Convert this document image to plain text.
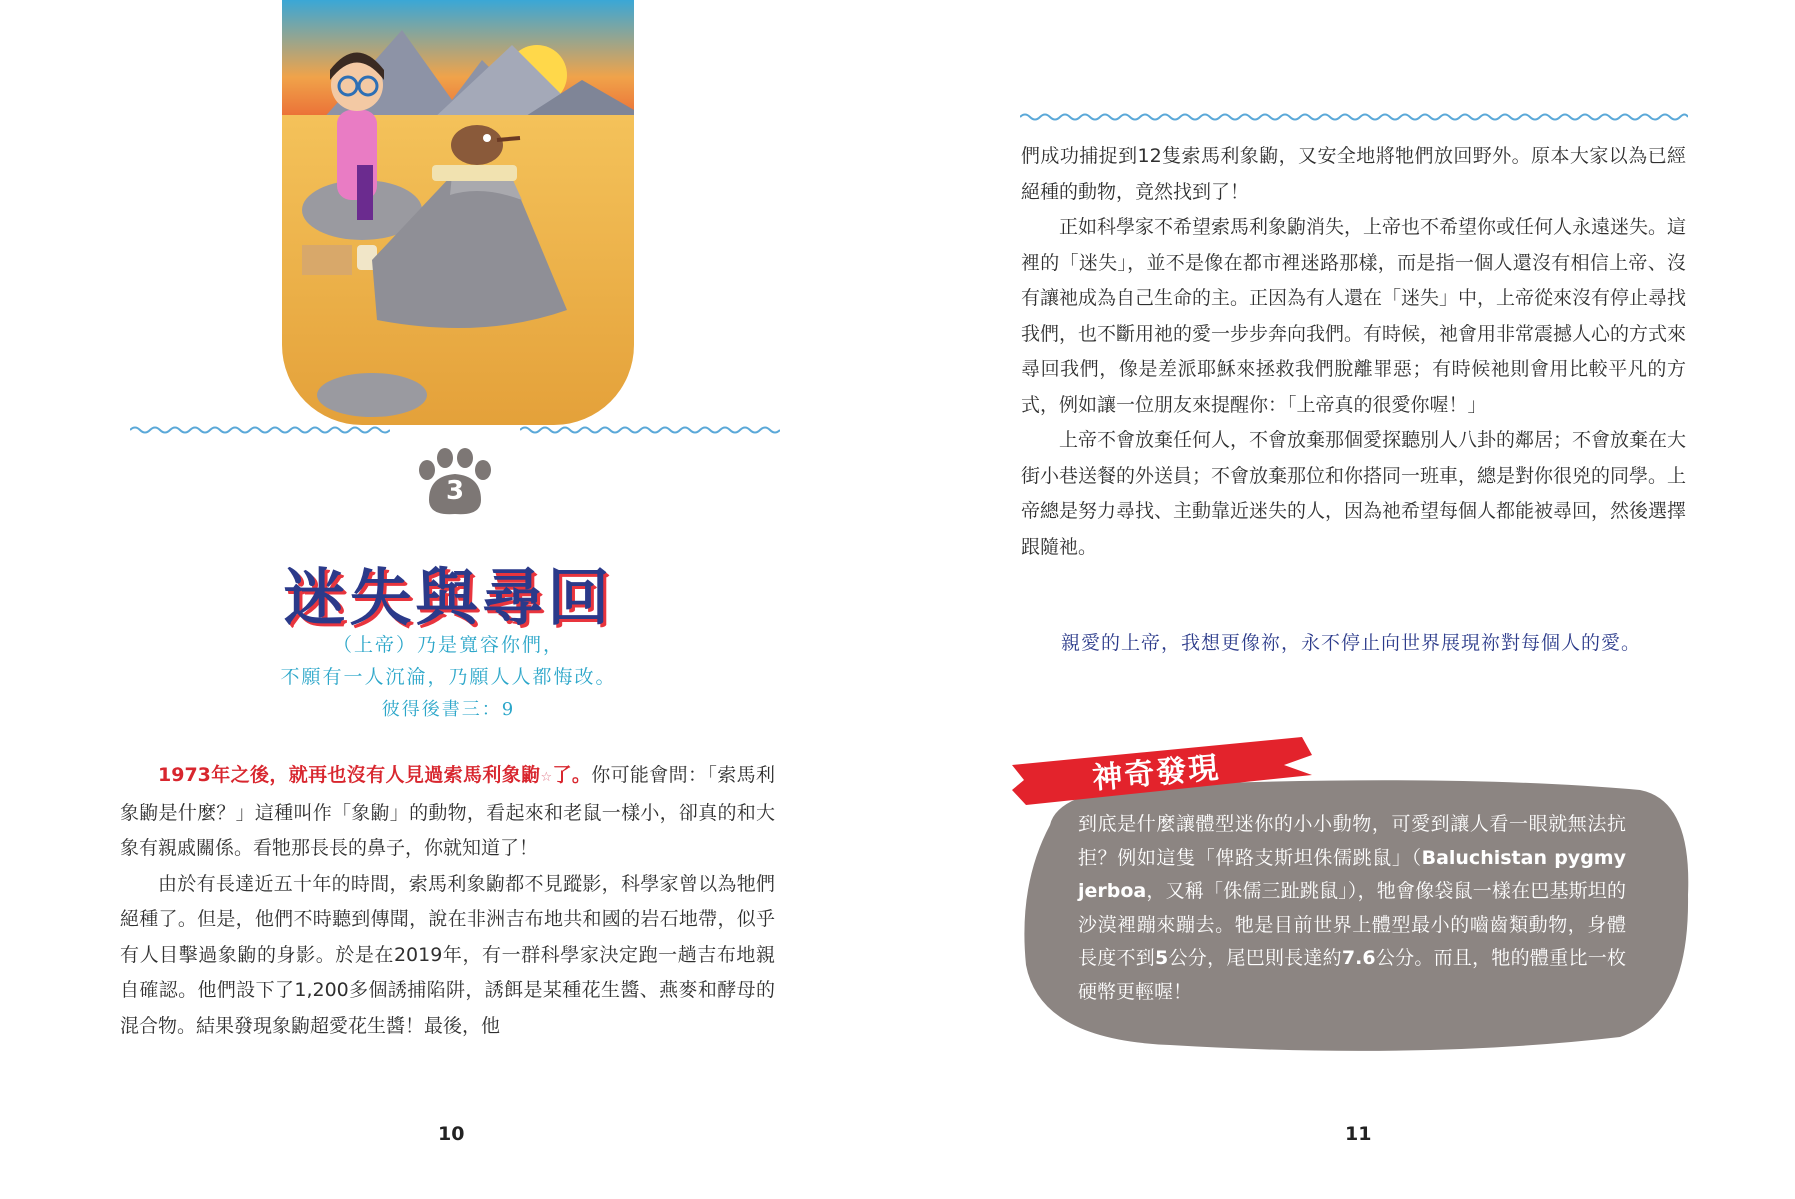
3
迷失與尋回
（上帝）乃是寬容你們，
不願有一人沉淪，乃願人人都悔改。
彼得後書三：9

1973年之後，就再也沒有人見過索馬利象鼩☆了。你可能會問：「索馬利象鼩是什麼？」這種叫作「象鼩」的動物，看起來和老鼠一樣小，卻真的和大象有親戚關係。看牠那長長的鼻子，你就知道了！

由於有長達近五十年的時間，索馬利象鼩都不見蹤影，科學家曾以為牠們絕種了。但是，他們不時聽到傳聞，說在非洲吉布地共和國的岩石地帶，似乎有人目擊過象鼩的身影。於是在2019年，有一群科學家決定跑一趟吉布地親自確認。他們設下了1,200多個誘捕陷阱，誘餌是某種花生醬、燕麥和酵母的混合物。結果發現象鼩超愛花生醬！最後，他

10

們成功捕捉到12隻索馬利象鼩，又安全地將牠們放回野外。原本大家以為已經絕種的動物，竟然找到了！

正如科學家不希望索馬利象鼩消失，上帝也不希望你或任何人永遠迷失。這裡的「迷失」，並不是像在都市裡迷路那樣，而是指一個人還沒有相信上帝、沒有讓祂成為自己生命的主。正因為有人還在「迷失」中，上帝從來沒有停止尋找我們，也不斷用祂的愛一步步奔向我們。有時候，祂會用非常震撼人心的方式來尋回我們，像是差派耶穌來拯救我們脫離罪惡；有時候祂則會用比較平凡的方式，例如讓一位朋友來提醒你：「上帝真的很愛你喔！」

上帝不會放棄任何人，不會放棄那個愛探聽別人八卦的鄰居；不會放棄在大街小巷送餐的外送員；不會放棄那位和你搭同一班車，總是對你很兇的同學。上帝總是努力尋找、主動靠近迷失的人，因為祂希望每個人都能被尋回，然後選擇跟隨祂。

親愛的上帝，我想更像祢，永不停止向世界展現祢對每個人的愛。
神奇發現
到底是什麼讓體型迷你的小小動物，可愛到讓人看一眼就無法抗拒？例如這隻「俾路支斯坦侏儒跳鼠」（Baluchistan pygmy jerboa，又稱「侏儒三趾跳鼠」），牠會像袋鼠一樣在巴基斯坦的沙漠裡蹦來蹦去。牠是目前世界上體型最小的嚙齒類動物，身體長度不到5公分，尾巴則長達約7.6公分。而且，牠的體重比一枚硬幣更輕喔！
11
